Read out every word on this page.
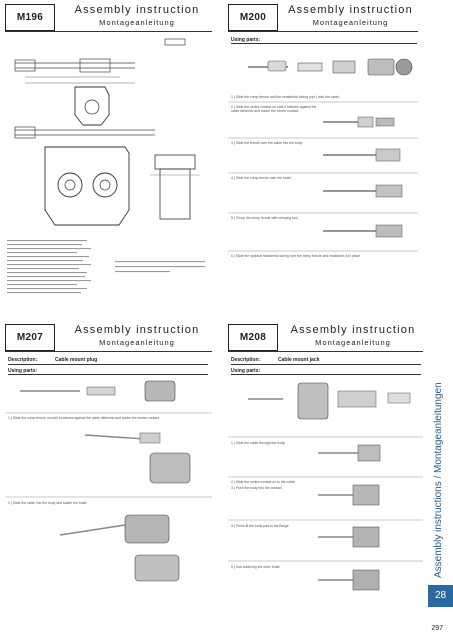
M196
Assembly instruction
Montageanleitung	M200
Assembly instruction
Montageanleitung
Using parts:
1.) Slide the crimp ferrule and the heatshrink tubing (opt.) onto the cable.
2.) Slide the centre contact on until it bottoms against the cable dielectric and solder the centre contact.
3.) Slide the ferrule over the cable into the body.
4.) Slide the crimp ferrule over the braid.
5.) Crimp the crimp ferrule with crimping tool.
6.) Slide the optional heatshrink tubing over the crimp ferrule and heatshrink it in place.
M207
Assembly instruction
Montageanleitung
Description:	Cable mount plug
Using parts:
1.) Slide the crimp ferrule on until it bottoms against the cable dielectric and solder the centre contact.
2.) Slide the cable into the body and solder the braid.
M208
Assembly instruction
Montageanleitung
Description:	Cable mount jack
Using parts:
1.) Slide the cable through the body.
2.) Slide the centre contact on to the cable.
3.) Push the body into the contact.
4.) Press-fit the body part to the flange.
5.) Use soldering the outer braid.	Assembly instructions / Montageanleitungen
28
297
